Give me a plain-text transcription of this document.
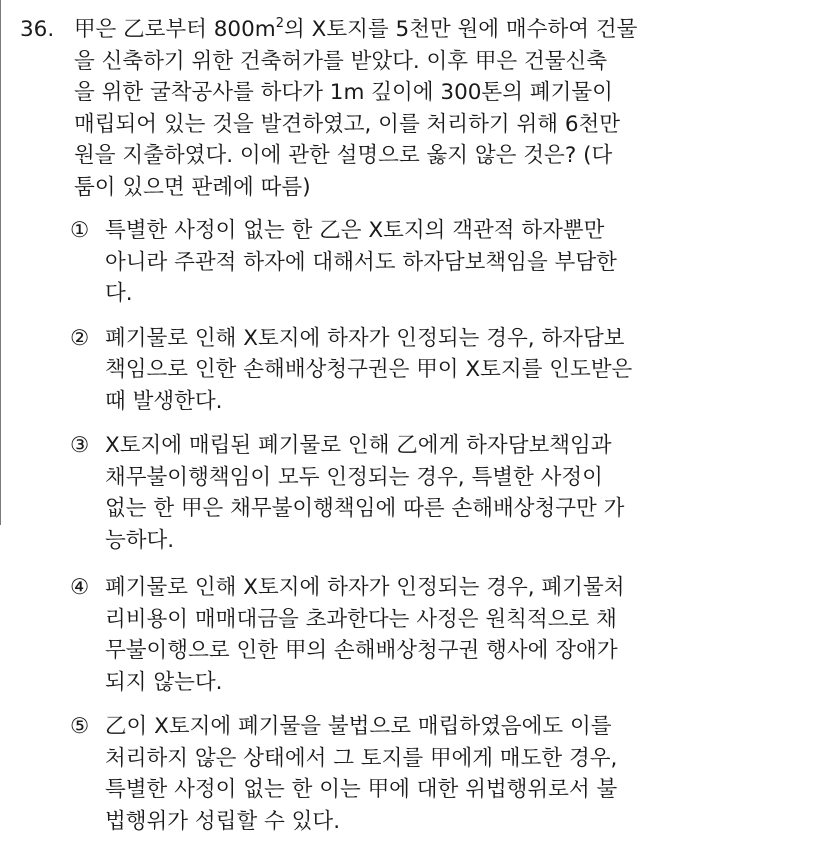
36. 甲은 乙로부터 $800m^2$의 X토지를 5천만 원에 매수하여 건물
을 신축하기 위한 건축허가를 받았다. 이후 甲은 건물신축
을 위한 굴착공사를 하다가 1m 깊이에 300톤의 폐기물이
매립되어 있는 것을 발견하였고, 이를 처리하기 위해 6천만
원을 지출하였다. 이에 관한 설명으로 옳지 않은 것은? (다
툼이 있으면 판례에 따름)
① 특별한 사정이 없는 한 乙은 X토지의 객관적 하자뿐만
아니라 주관적 하자에 대해서도 하자담보책임을 부담한
다.
② 폐기물로 인해 X토지에 하자가 인정되는 경우, 하자담보
책임으로 인한 손해배상청구권은 甲이 X토지를 인도받은
때 발생한다.
③ X토지에 매립된 폐기물로 인해 乙에게 하자담보책임과
채무불이행책임이 모두 인정되는 경우, 특별한 사정이
없는 한 甲은 채무불이행책임에 따른 손해배상청구만 가
능하다.
④ 폐기물로 인해 X토지에 하자가 인정되는 경우, 폐기물처
리비용이 매매대금을 초과한다는 사정은 원칙적으로 채
무불이행으로 인한 甲의 손해배상청구권 행사에 장애가
되지 않는다.
⑤ 乙이 X토지에 폐기물을 불법으로 매립하였음에도 이를
처리하지 않은 상태에서 그 토지를 甲에게 매도한 경우,
특별한 사정이 없는 한 이는 甲에 대한 위법행위로서 불
법행위가 성립할 수 있다.
